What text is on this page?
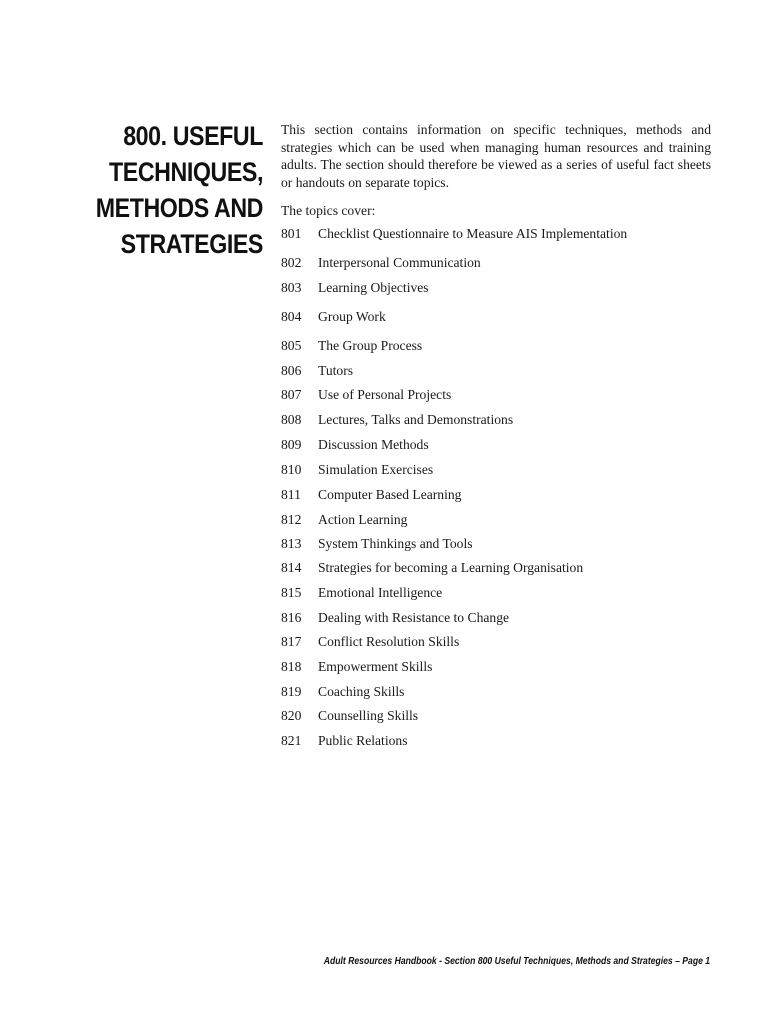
800. USEFUL
TECHNIQUES,
METHODS AND
STRATEGIES

This section contains information on specific techniques, methods and strategies which can be used when managing human resources and training adults. The section should therefore be viewed as a series of useful fact sheets or handouts on separate topics.

The topics cover:

801 Checklist Questionnaire to Measure AIS Implementation
802 Interpersonal Communication
803 Learning Objectives
804 Group Work
805 The Group Process
806 Tutors
807 Use of Personal Projects
808 Lectures, Talks and Demonstrations
809 Discussion Methods
810 Simulation Exercises
811 Computer Based Learning
812 Action Learning
813 System Thinkings and Tools
814 Strategies for becoming a Learning Organisation
815 Emotional Intelligence
816 Dealing with Resistance to Change
817 Conflict Resolution Skills
818 Empowerment Skills
819 Coaching Skills
820 Counselling Skills
821 Public Relations
Adult Resources Handbook - Section 800 Useful Techniques, Methods and Strategies – Page 1
